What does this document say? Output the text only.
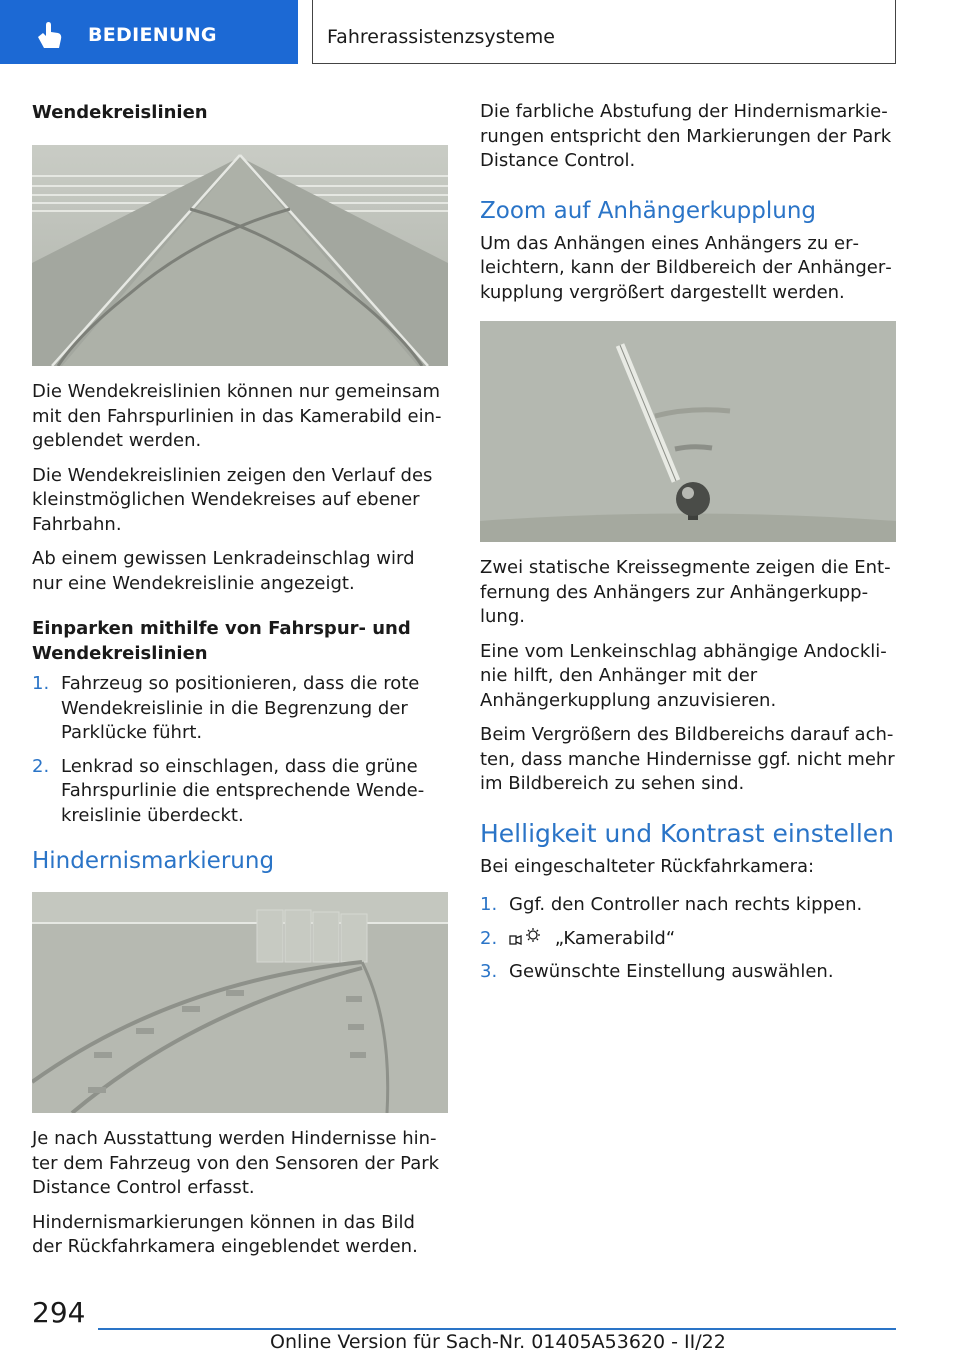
BEDIENUNG	Fahrerassistenzsysteme
Wendekreislinien

Die Wendekreislinien können nur gemeinsam mit den Fahrspurlinien in das Kamerabild eingeblendet werden.

Die Wendekreislinien zeigen den Verlauf des kleinstmöglichen Wendekreises auf ebener Fahrbahn.

Ab einem gewissen Lenkradeinschlag wird nur eine Wendekreislinie angezeigt.

Einparken mithilfe von Fahrspur- und Wendekreislinien
1. Fahrzeug so positionieren, dass die rote Wendekreislinie in die Begrenzung der Parklücke führt.
2. Lenkrad so einschlagen, dass die grüne Fahrspurlinie die entsprechende Wendekreislinie überdeckt.
Hindernismarkierung

Je nach Ausstattung werden Hindernisse hinter dem Fahrzeug von den Sensoren der Park Distance Control erfasst.

Hindernismarkierungen können in das Bild der Rückfahrkamera eingeblendet werden.

Die farbliche Abstufung der Hindernismarkierungen entspricht den Markierungen der Park Distance Control.

Zoom auf Anhängerkupplung

Um das Anhängen eines Anhängers zu erleichtern, kann der Bildbereich der Anhängerkupplung vergrößert dargestellt werden.

Zwei statische Kreissegmente zeigen die Entfernung des Anhängers zur Anhängerkupplung.

Eine vom Lenkeinschlag abhängige Andocklinie hilft, den Anhänger mit der Anhängerkupplung anzuvisieren.

Beim Vergrößern des Bildbereichs darauf achten, dass manche Hindernisse ggf. nicht mehr im Bildbereich zu sehen sind.

Helligkeit und Kontrast einstellen

Bei eingeschalteter Rückfahrkamera:

1. Ggf. den Controller nach rechts kippen.
2.	„Kamerabild“
3. Gewünschte Einstellung auswählen.
294
Online Version für Sach-Nr. 01405A53620 - II/22
